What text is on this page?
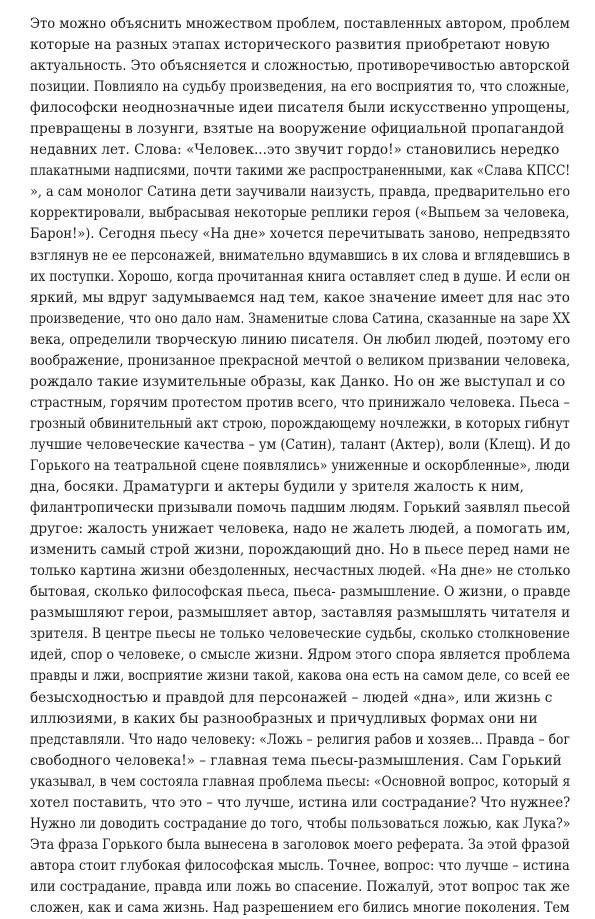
Это можно объяснить множеством проблем, поставленных автором, проблем
которые на разных этапах исторического развития приобретают новую
актуальность. Это объясняется и сложностью, противоречивостью авторской
позиции. Повлияло на судьбу произведения, на его восприятия то, что сложные,
философски неоднозначные идеи писателя были искусственно упрощены,
превращены в лозунги, взятые на вооружение официальной пропагандой
недавних лет. Слова: «Человек...это звучит гордо!» становились нередко
плакатными надписями, почти такими же распространенными, как «Слава КПСС!
», а сам монолог Сатина дети заучивали наизусть, правда, предварительно его
корректировали, выбрасывая некоторые реплики героя («Выпьем за человека,
Барон!»). Сегодня пьесу «На дне» хочется перечитывать заново, непредвзято
взглянув не ее персонажей, внимательно вдумавшись в их слова и вглядевшись в
их поступки. Хорошо, когда прочитанная книга оставляет след в душе. И если он
яркий, мы вдруг задумываемся над тем, какое значение имеет для нас это
произведение, что оно дало нам. Знаменитые слова Сатина, сказанные на заре XX
века, определили творческую линию писателя. Он любил людей, поэтому его
воображение, пронизанное прекрасной мечтой о великом призвании человека,
рождало такие изумительные образы, как Данко. Но он же выступал и со
страстным, горячим протестом против всего, что принижало человека. Пьеса –
грозный обвинительный акт строю, порождающему ночлежки, в которых гибнут
лучшие человеческие качества – ум (Сатин), талант (Актер), воли (Клещ). И до
Горького на театральной сцене появлялись» униженные и оскорбленные», люди
дна, босяки. Драматурги и актеры будили у зрителя жалость к ним,
филантропически призывали помочь падшим людям. Горький заявлял пьесой
другое: жалость унижает человека, надо не жалеть людей, а помогать им,
изменить самый строй жизни, порождающий дно. Но в пьесе перед нами не
только картина жизни обездоленных, несчастных людей. «На дне» не столько
бытовая, сколько философская пьеса, пьеса- размышление. О жизни, о правде
размышляют герои, размышляет автор, заставляя размышлять читателя и
зрителя. В центре пьесы не только человеческие судьбы, сколько столкновение
идей, спор о человеке, о смысле жизни. Ядром этого спора является проблема
правды и лжи, восприятие жизни такой, какова она есть на самом деле, со всей ее
безысходностью и правдой для персонажей – людей «дна», или жизнь с
иллюзиями, в каких бы разнообразных и причудливых формах они ни
представляли. Что надо человеку: «Ложь – религия рабов и хозяев... Правда – бог
свободного человека!» – главная тема пьесы-размышления. Сам Горький
указывал, в чем состояла главная проблема пьесы: «Основной вопрос, который я
хотел поставить, что это – что лучше, истина или сострадание? Что нужнее?
Нужно ли доводить сострадание до того, чтобы пользоваться ложью, как Лука?»
Эта фраза Горького была вынесена в заголовок моего реферата. За этой фразой
автора стоит глубокая философская мысль. Точнее, вопрос: что лучше – истина
или сострадание, правда или ложь во спасение. Пожалуй, этот вопрос так же
сложен, как и сама жизнь. Над разрешением его бились многие поколения. Тем
